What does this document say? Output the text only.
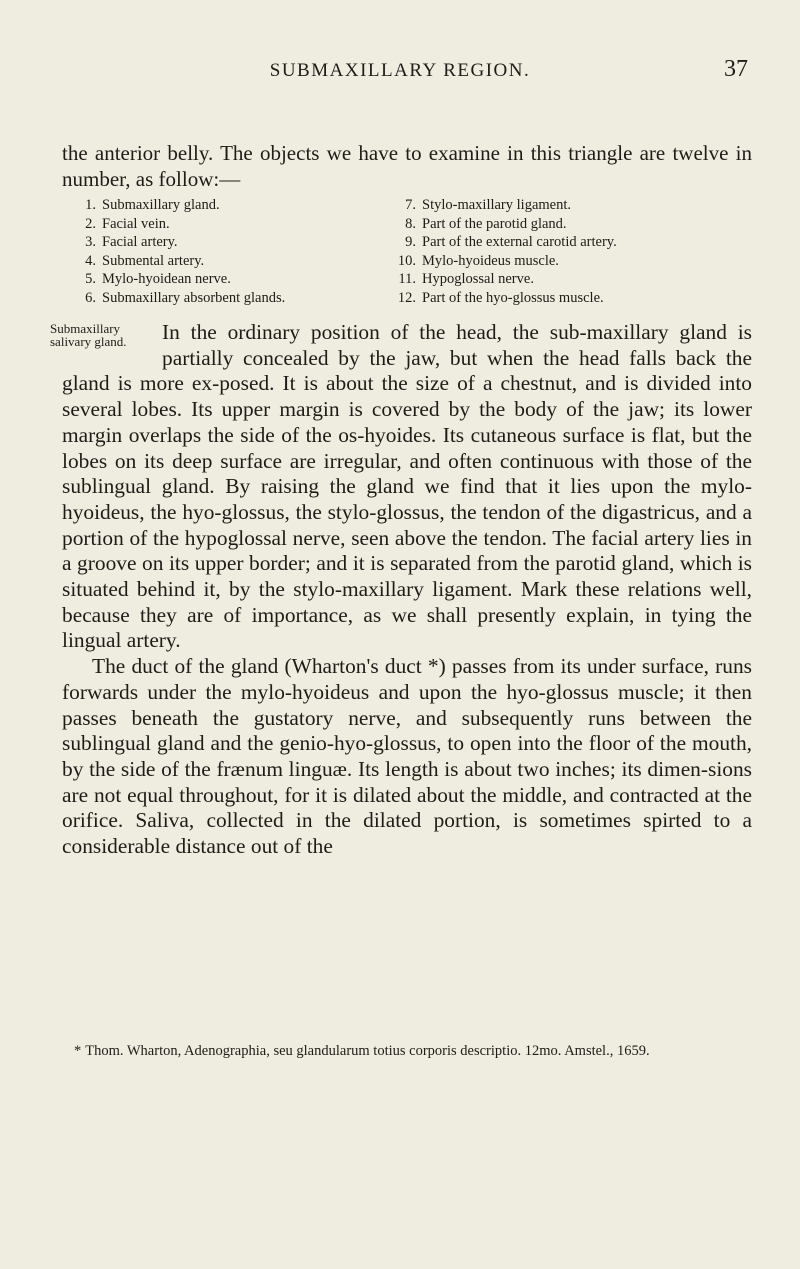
SUBMAXILLARY REGION.	37
the anterior belly. The objects we have to examine in this triangle are twelve in number, as follow:—
1. Submaxillary gland.
2. Facial vein.
3. Facial artery.
4. Submental artery.
5. Mylo-hyoidean nerve.
6. Submaxillary absorbent glands.
7. Stylo-maxillary ligament.
8. Part of the parotid gland.
9. Part of the external carotid artery.
10. Mylo-hyoideus muscle.
11. Hypoglossal nerve.
12. Part of the hyo-glossus muscle.
Submaxillary salivary gland.	In the ordinary position of the head, the sub-maxillary gland is partially concealed by the jaw, but when the head falls back the gland is more ex-posed. It is about the size of a chestnut, and is divided into several lobes. Its upper margin is covered by the body of the jaw; its lower margin overlaps the side of the os-hyoides. Its cutaneous surface is flat, but the lobes on its deep surface are irregular, and often continuous with those of the sublingual gland. By raising the gland we find that it lies upon the mylo-hyoideus, the hyo-glossus, the stylo-glossus, the tendon of the digastricus, and a portion of the hypoglossal nerve, seen above the tendon. The facial artery lies in a groove on its upper border; and it is separated from the parotid gland, which is situated behind it, by the stylo-maxillary ligament. Mark these relations well, because they are of importance, as we shall presently explain, in tying the lingual artery.

The duct of the gland (Wharton's duct *) passes from its under surface, runs forwards under the mylo-hyoideus and upon the hyo-glossus muscle; it then passes beneath the gustatory nerve, and subsequently runs between the sublingual gland and the genio-hyo-glossus, to open into the floor of the mouth, by the side of the frænum linguæ. Its length is about two inches; its dimen-sions are not equal throughout, for it is dilated about the middle, and contracted at the orifice. Saliva, collected in the dilated portion, is sometimes spirted to a considerable distance out of the

* Thom. Wharton, Adenographia, seu glandularum totius corporis descriptio. 12mo. Amstel., 1659.
